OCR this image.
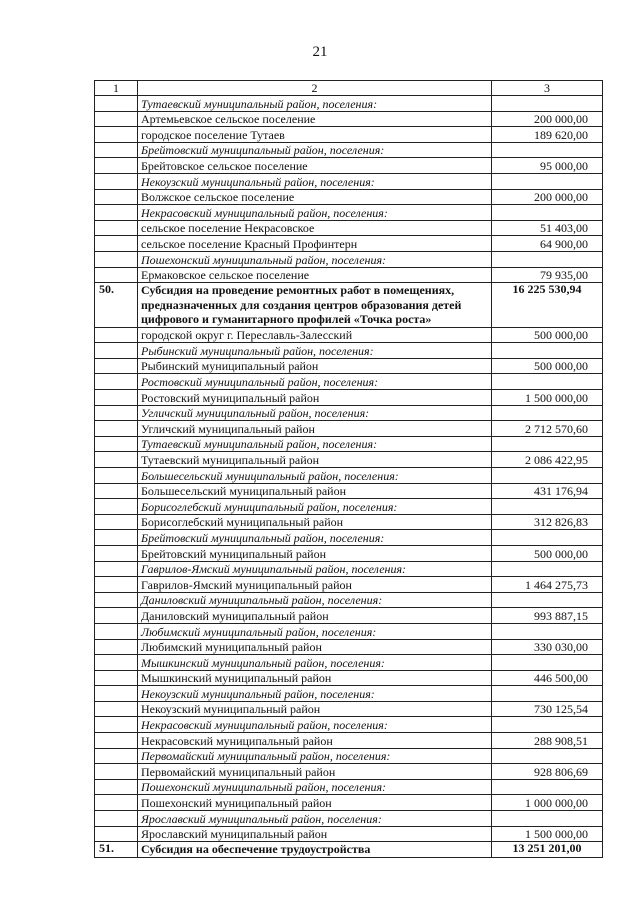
21
1	2	3
	Тутаевский муниципальный район, поселения:	
	Артемьевское сельское поселение	200 000,00
	городское поселение Тутаев	189 620,00
	Брейтовский муниципальный район, поселения:	
	Брейтовское сельское поселение	95 000,00
	Некоузский муниципальный район, поселения:	
	Волжское сельское поселение	200 000,00
	Некрасовский муниципальный район, поселения:	
	сельское поселение Некрасовское	51 403,00
	сельское поселение Красный Профинтерн	64 900,00
	Пошехонский муниципальный район, поселения:	
	Ермаковское сельское поселение	79 935,00
50.	Субсидия на проведение ремонтных работ в помещениях, предназначенных для создания центров образования детей цифрового и гуманитарного профилей «Точка роста»	16 225 530,94
	городской округ г. Переславль-Залесский	500 000,00
	Рыбинский муниципальный район, поселения:	
	Рыбинский муниципальный район	500 000,00
	Ростовский муниципальный район, поселения:	
	Ростовский муниципальный район	1 500 000,00
	Угличский муниципальный район, поселения:	
	Угличский муниципальный район	2 712 570,60
	Тутаевский муниципальный район, поселения:	
	Тутаевский муниципальный район	2 086 422,95
	Большесельский муниципальный район, поселения:	
	Большесельский муниципальный район	431 176,94
	Борисоглебский муниципальный район, поселения:	
	Борисоглебский муниципальный район	312 826,83
	Брейтовский муниципальный район, поселения:	
	Брейтовский муниципальный район	500 000,00
	Гаврилов-Ямский муниципальный район, поселения:	
	Гаврилов-Ямский муниципальный район	1 464 275,73
	Даниловский муниципальный район, поселения:	
	Даниловский муниципальный район	993 887,15
	Любимский муниципальный район, поселения:	
	Любимский муниципальный район	330 030,00
	Мышкинский муниципальный район, поселения:	
	Мышкинский муниципальный район	446 500,00
	Некоузский муниципальный район, поселения:	
	Некоузский муниципальный район	730 125,54
	Некрасовский муниципальный район, поселения:	
	Некрасовский муниципальный район	288 908,51
	Первомайский муниципальный район, поселения:	
	Первомайский муниципальный район	928 806,69
	Пошехонский муниципальный район, поселения:	
	Пошехонский муниципальный район	1 000 000,00
	Ярославский муниципальный район, поселения:	
	Ярославский муниципальный район	1 500 000,00
51.	Субсидия на обеспечение трудоустройства	13 251 201,00
